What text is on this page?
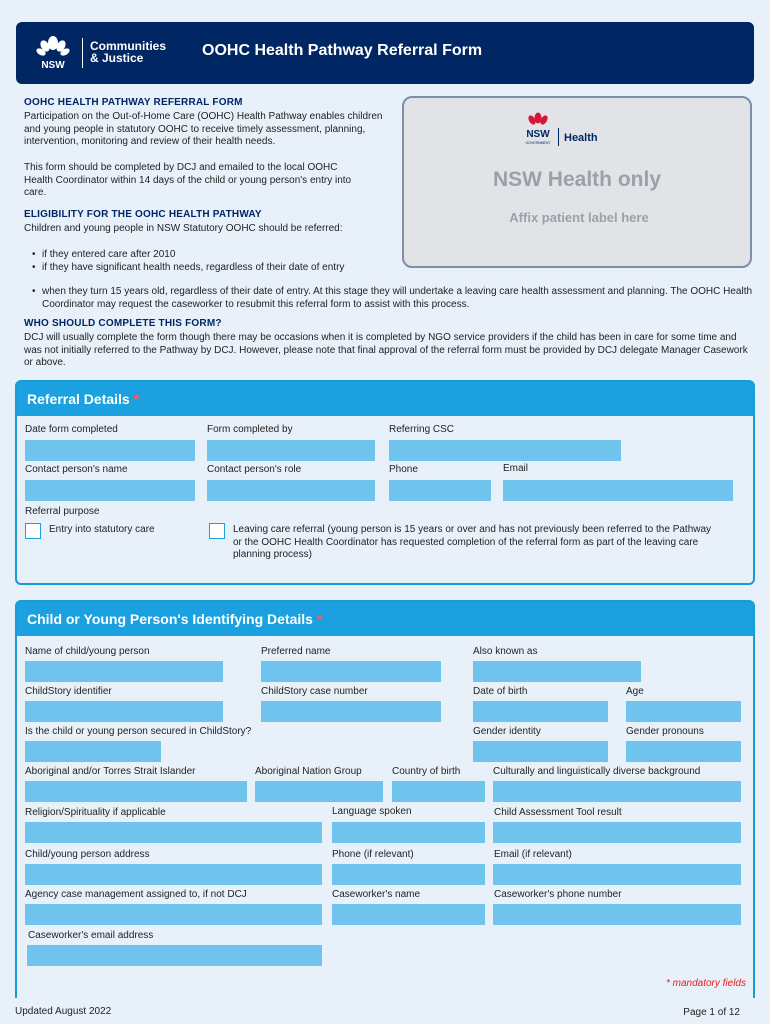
NSW
Communities
& Justice	OOHC Health Pathway Referral Form
OOHC HEALTH PATHWAY REFERRAL FORM
Participation on the Out-of-Home Care (OOHC) Health Pathway enables children and young people in statutory OOHC to receive timely assessment, planning, intervention, monitoring and review of their health needs.
This form should be completed by DCJ and emailed to the local OOHC Health Coordinator within 14 days of the child or young person's entry into care.
ELIGIBILITY FOR THE OOHC HEALTH PATHWAY
Children and young people in NSW Statutory OOHC should be referred:
• if they entered care after 2010
• if they have significant health needs, regardless of their date of entry
• when they turn 15 years old, regardless of their date of entry. At this stage they will undertake a leaving care health assessment and planning. The OOHC Health Coordinator may request the caseworker to resubmit this referral form to assist with this process.
WHO SHOULD COMPLETE THIS FORM?
DCJ will usually complete the form though there may be occasions when it is completed by NGO service providers if the child has been in care for some time and was not initially referred to the Pathway by DCJ. However, please note that final approval of the referral form must be provided by DCJ delegate Manager Casework or above.
NSW
GOVERNMENT Health
NSW Health only
Affix patient label here
Referral Details *
Date form completed	Form completed by	Referring CSC
Contact person's name	Contact person's role	Phone	Email
Referral purpose
Entry into statutory care	Leaving care referral (young person is 15 years or over and has not previously been referred to the Pathway or the OOHC Health Coordinator has requested completion of the referral form as part of the leaving care planning process)
Child or Young Person's Identifying Details *
Name of child/young person	Preferred name	Also known as
ChildStory identifier	ChildStory case number	Date of birth	Age
Is the child or young person secured in ChildStory?	Gender identity	Gender pronouns
Aboriginal and/or Torres Strait Islander	Aboriginal Nation Group	Country of birth	Culturally and linguistically diverse background
Religion/Spirituality if applicable	Language spoken	Child Assessment Tool result
Child/young person address	Phone (if relevant)	Email (if relevant)
Agency case management assigned to, if not DCJ	Caseworker's name	Caseworker's phone number
Caseworker's email address
* mandatory fields
Updated August 2022	Page 1 of 12
